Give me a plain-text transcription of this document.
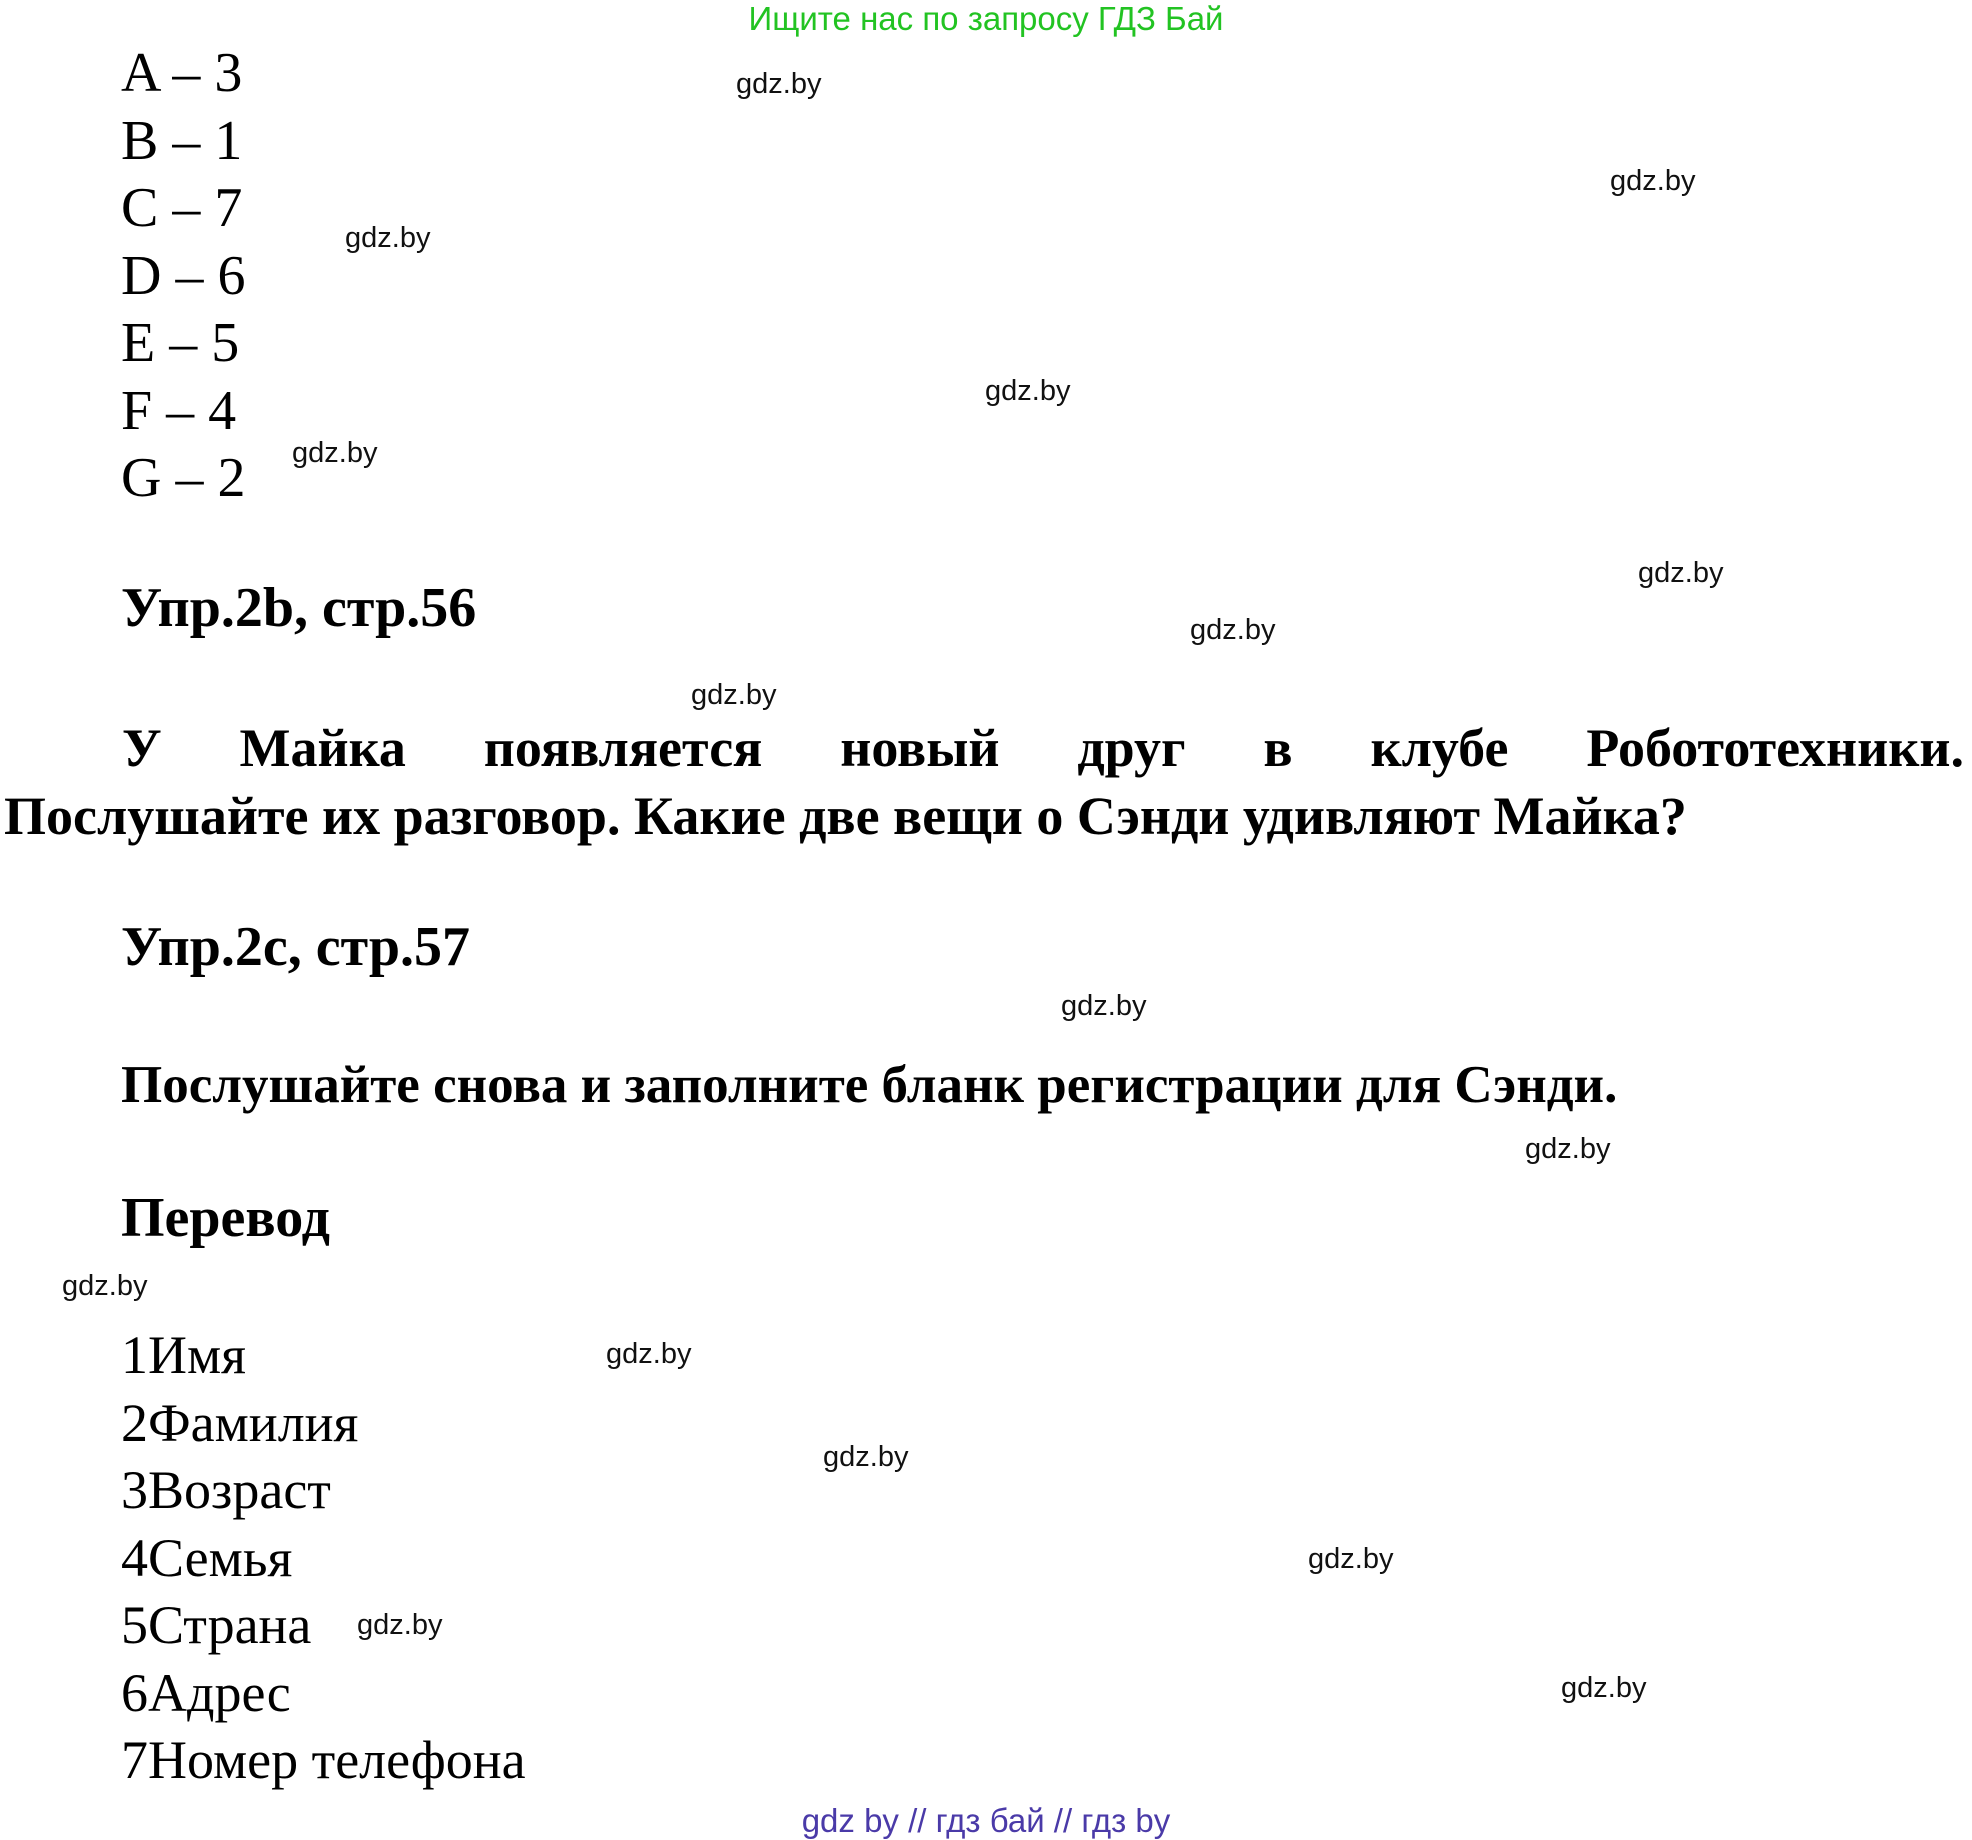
Ищите нас по запросу ГДЗ Бай
A – 3
B – 1
C – 7
D – 6
E – 5
F – 4
G – 2
Упр.2b, стр.56
У Майка появляется новый друг в клубе Робототехники.
Послушайте их разговор. Какие две вещи о Сэнди удивляют Майка?
Упр.2c, стр.57
Послушайте снова и заполните бланк регистрации для Сэнди.
Перевод
1Имя
2Фамилия
3Возраст
4Семья
5Страна
6Адрес
7Номер телефона
gdz.by
gdz.by
gdz.by
gdz.by
gdz.by
gdz.by
gdz.by
gdz.by
gdz.by
gdz.by
gdz.by
gdz.by
gdz.by
gdz.by
gdz.by
gdz.by
gdz by // гдз бай // гдз by
